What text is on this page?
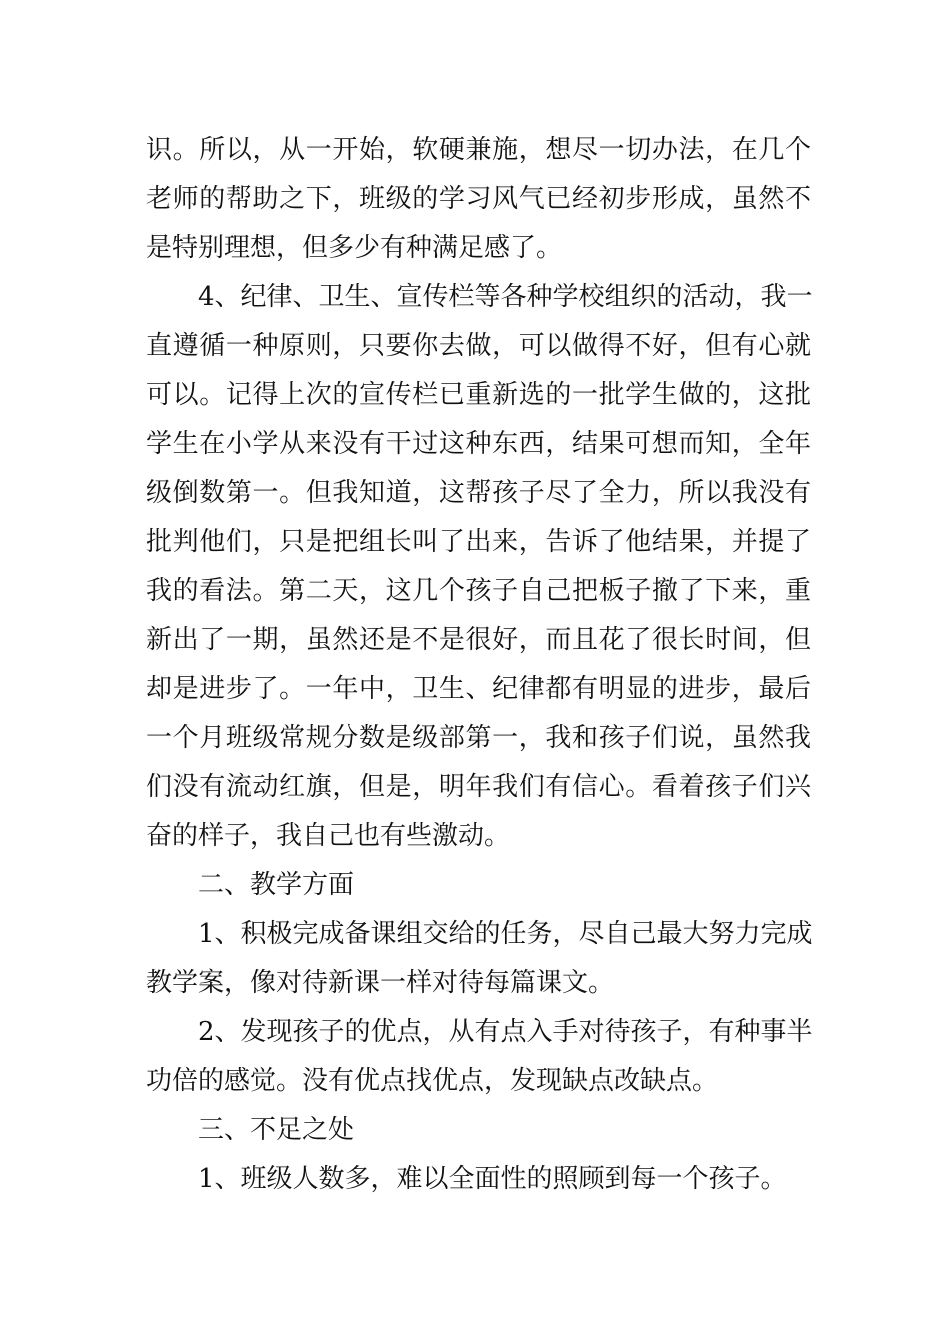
识。所以，从一开始，软硬兼施，想尽一切办法，在几个
老师的帮助之下，班级的学习风气已经初步形成，虽然不
是特别理想，但多少有种满足感了。
4、纪律、卫生、宣传栏等各种学校组织的活动，我一
直遵循一种原则，只要你去做，可以做得不好，但有心就
可以。记得上次的宣传栏已重新选的一批学生做的，这批
学生在小学从来没有干过这种东西，结果可想而知，全年
级倒数第一。但我知道，这帮孩子尽了全力，所以我没有
批判他们，只是把组长叫了出来，告诉了他结果，并提了
我的看法。第二天，这几个孩子自己把板子撤了下来，重
新出了一期，虽然还是不是很好，而且花了很长时间，但
却是进步了。一年中，卫生、纪律都有明显的进步，最后
一个月班级常规分数是级部第一，我和孩子们说，虽然我
们没有流动红旗，但是，明年我们有信心。看着孩子们兴
奋的样子，我自己也有些激动。
二、教学方面
1、积极完成备课组交给的任务，尽自己最大努力完成
教学案，像对待新课一样对待每篇课文。
2、发现孩子的优点，从有点入手对待孩子，有种事半
功倍的感觉。没有优点找优点，发现缺点改缺点。
三、不足之处
1、班级人数多，难以全面性的照顾到每一个孩子。
